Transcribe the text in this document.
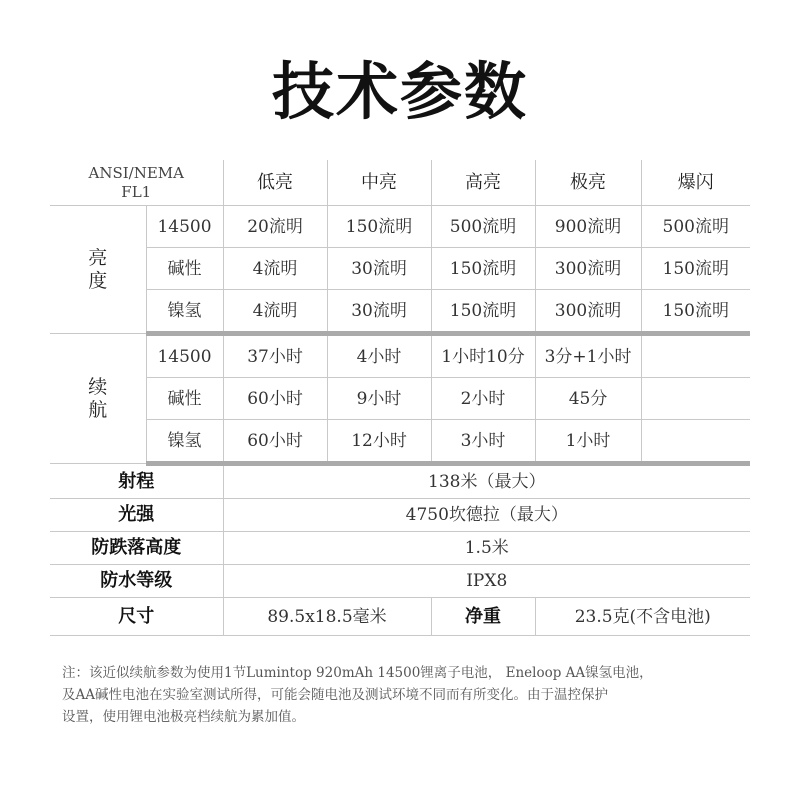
技术参数
ANSI/NEMA
FL1		低亮	中亮	高亮	极亮	爆闪
亮
度	14500	20流明	150流明	500流明	900流明	500流明
	碱性	4流明	30流明	150流明	300流明	150流明
	镍氢	4流明	30流明	150流明	300流明	150流明
续
航	14500	37小时	4小时	1小时10分	3分+1小时	
	碱性	60小时	9小时	2小时	45分	
	镍氢	60小时	12小时	3小时	1小时	
射程		138米（最大）				
光强		4750坎德拉（最大）				
防跌落高度		1.5米				
防水等级		IPX8				
尺寸		89.5x18.5毫米		净重	23.5克(不含电池)	
注：该近似续航参数为使用1节Lumintop 920mAh 14500锂离子电池， Eneloop AA镍氢电池，
及AA碱性电池在实验室测试所得，可能会随电池及测试环境不同而有所变化。由于温控保护
设置，使用锂电池极亮档续航为累加值。
